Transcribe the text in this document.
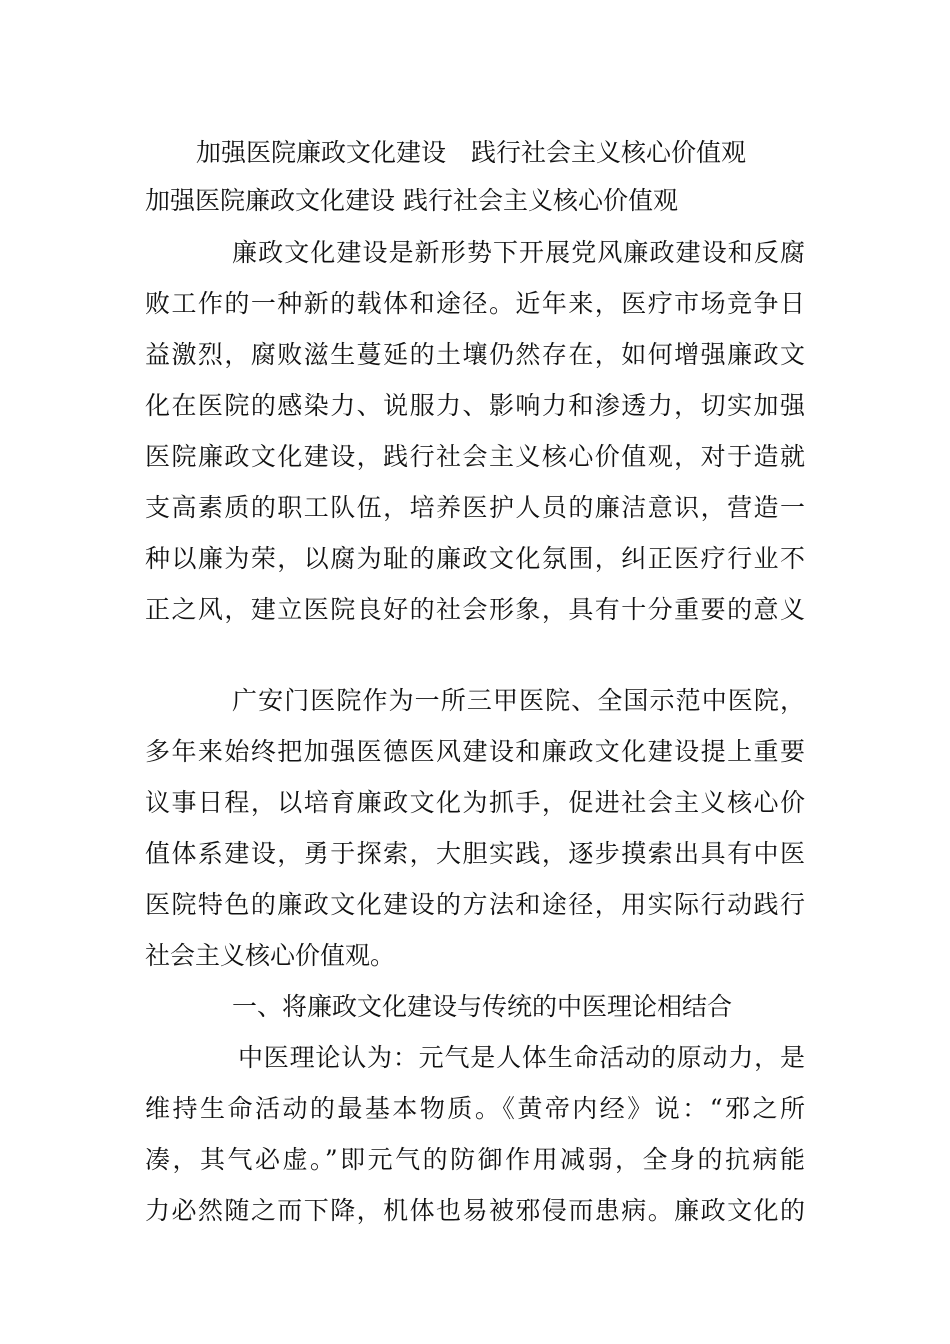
加强医院廉政文化建设　践行社会主义核心价值观
加强医院廉政文化建设 践行社会主义核心价值观
廉政文化建设是新形势下开展党风廉政建设和反腐
败工作的一种新的载体和途径。近年来，医疗市场竞争日
益激烈，腐败滋生蔓延的土壤仍然存在，如何增强廉政文
化在医院的感染力、说服力、影响力和渗透力，切实加强
医院廉政文化建设，践行社会主义核心价值观，对于造就
支高素质的职工队伍，培养医护人员的廉洁意识，营造一
种以廉为荣，以腐为耻的廉政文化氛围，纠正医疗行业不
正之风，建立医院良好的社会形象，具有十分重要的意义
广安门医院作为一所三甲医院、全国示范中医院，
多年来始终把加强医德医风建设和廉政文化建设提上重要
议事日程，以培育廉政文化为抓手，促进社会主义核心价
值体系建设，勇于探索，大胆实践，逐步摸索出具有中医
医院特色的廉政文化建设的方法和途径，用实际行动践行
社会主义核心价值观。
一、将廉政文化建设与传统的中医理论相结合
中医理论认为：元气是人体生命活动的原动力，是
维持生命活动的最基本物质。《黄帝内经》说：“邪之所
凑，其气必虚。”即元气的防御作用减弱，全身的抗病能
力必然随之而下降，机体也易被邪侵而患病。廉政文化的
